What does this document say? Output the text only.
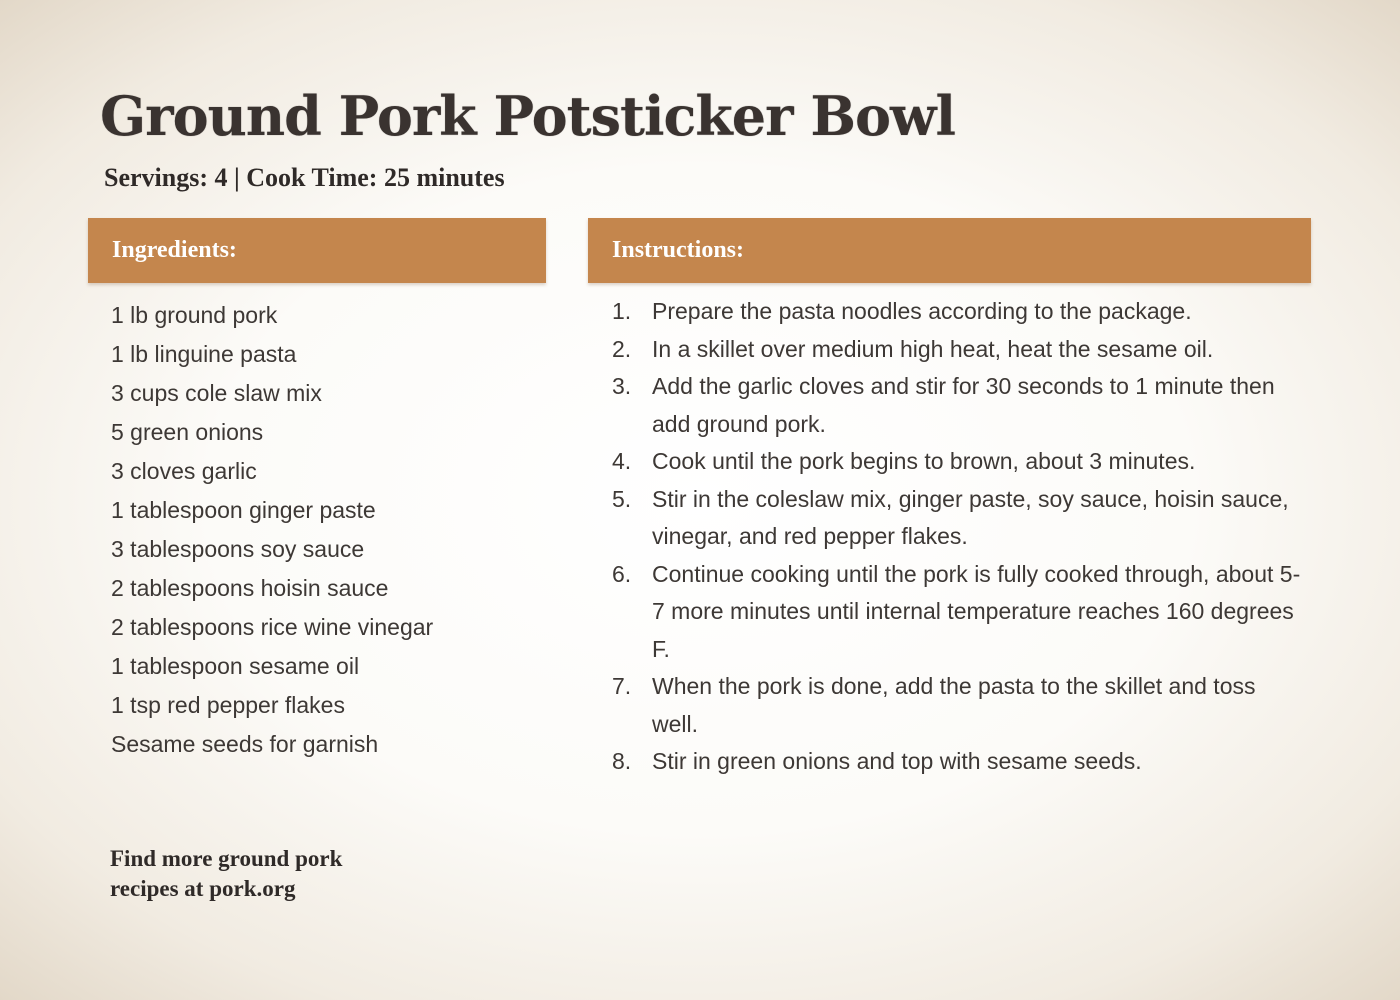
Ground Pork Potsticker Bowl
Servings: 4 | Cook Time: 25 minutes
Ingredients:
1 lb ground pork
1 lb linguine pasta
3 cups cole slaw mix
5 green onions
3 cloves garlic
1 tablespoon ginger paste
3 tablespoons soy sauce
2 tablespoons hoisin sauce
2 tablespoons rice wine vinegar
1 tablespoon sesame oil
1 tsp red pepper flakes
Sesame seeds for garnish
Instructions:
1. Prepare the pasta noodles according to the package.
2. In a skillet over medium high heat, heat the sesame oil.
3. Add the garlic cloves and stir for 30 seconds to 1 minute then add ground pork.
4. Cook until the pork begins to brown, about 3 minutes.
5. Stir in the coleslaw mix, ginger paste, soy sauce, hoisin sauce, vinegar, and red pepper flakes.
6. Continue cooking until the pork is fully cooked through, about 5-7 more minutes until internal temperature reaches 160 degrees F.
7. When the pork is done, add the pasta to the skillet and toss well.
8. Stir in green onions and top with sesame seeds.
Find more ground pork
recipes at pork.org
